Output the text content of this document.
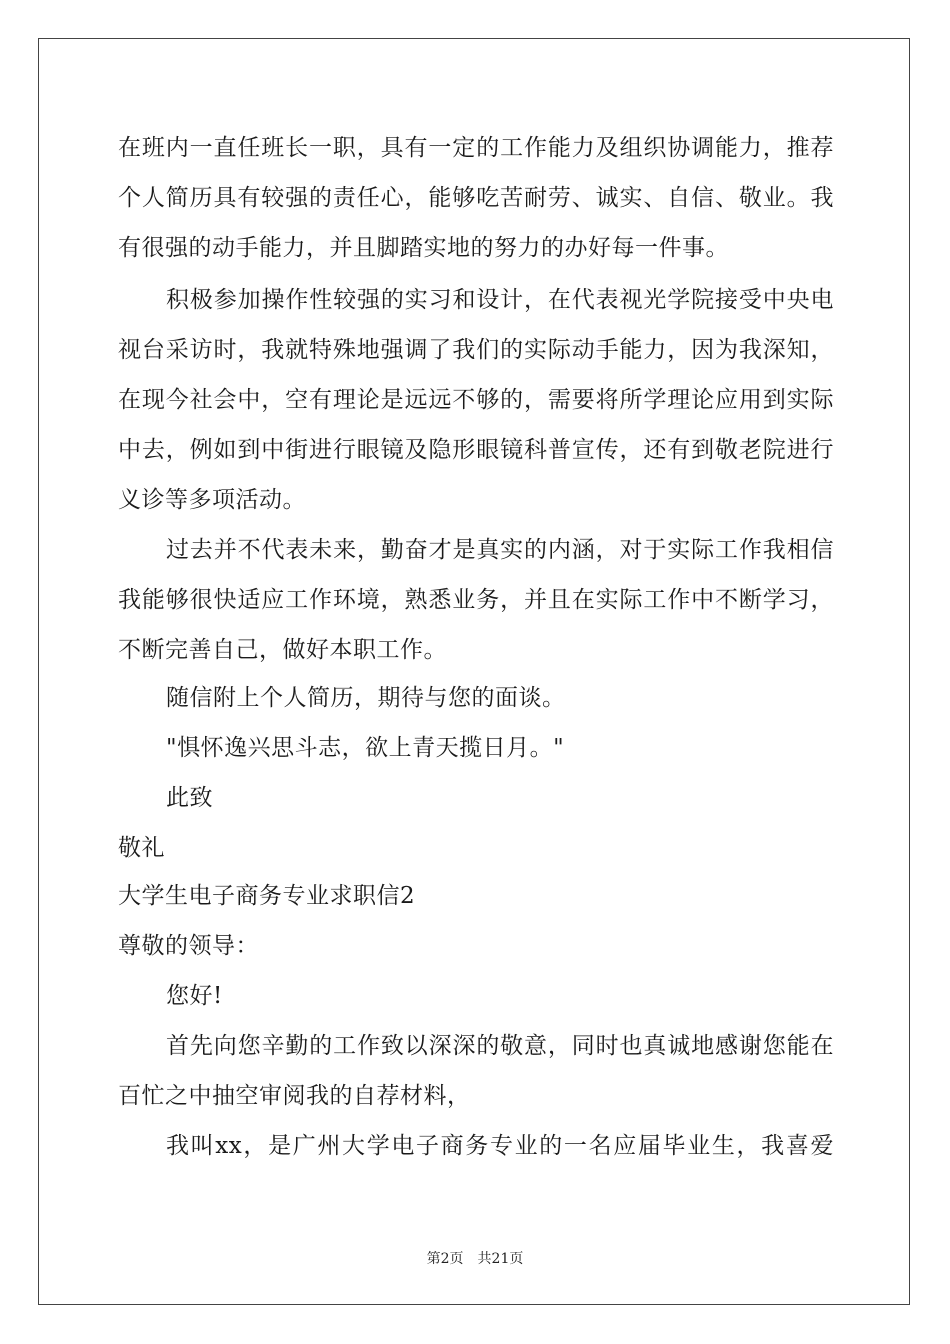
在班内一直任班长一职，具有一定的工作能力及组织协调能力，推荐
个人简历具有较强的责任心，能够吃苦耐劳、诚实、自信、敬业。我
有很强的动手能力，并且脚踏实地的努力的办好每一件事。
积极参加操作性较强的实习和设计，在代表视光学院接受中央电
视台采访时，我就特殊地强调了我们的实际动手能力，因为我深知，
在现今社会中，空有理论是远远不够的，需要将所学理论应用到实际
中去，例如到中街进行眼镜及隐形眼镜科普宣传，还有到敬老院进行
义诊等多项活动。
过去并不代表未来，勤奋才是真实的内涵，对于实际工作我相信
我能够很快适应工作环境，熟悉业务，并且在实际工作中不断学习，
不断完善自己，做好本职工作。
随信附上个人简历，期待与您的面谈。
"惧怀逸兴思斗志，欲上青天揽日月。"
此致
敬礼
大学生电子商务专业求职信2
尊敬的领导：
您好!
首先向您辛勤的工作致以深深的敬意，同时也真诚地感谢您能在
百忙之中抽空审阅我的自荐材料，
我叫xx，是广州大学电子商务专业的一名应届毕业生，我喜爱
第2页　共21页
